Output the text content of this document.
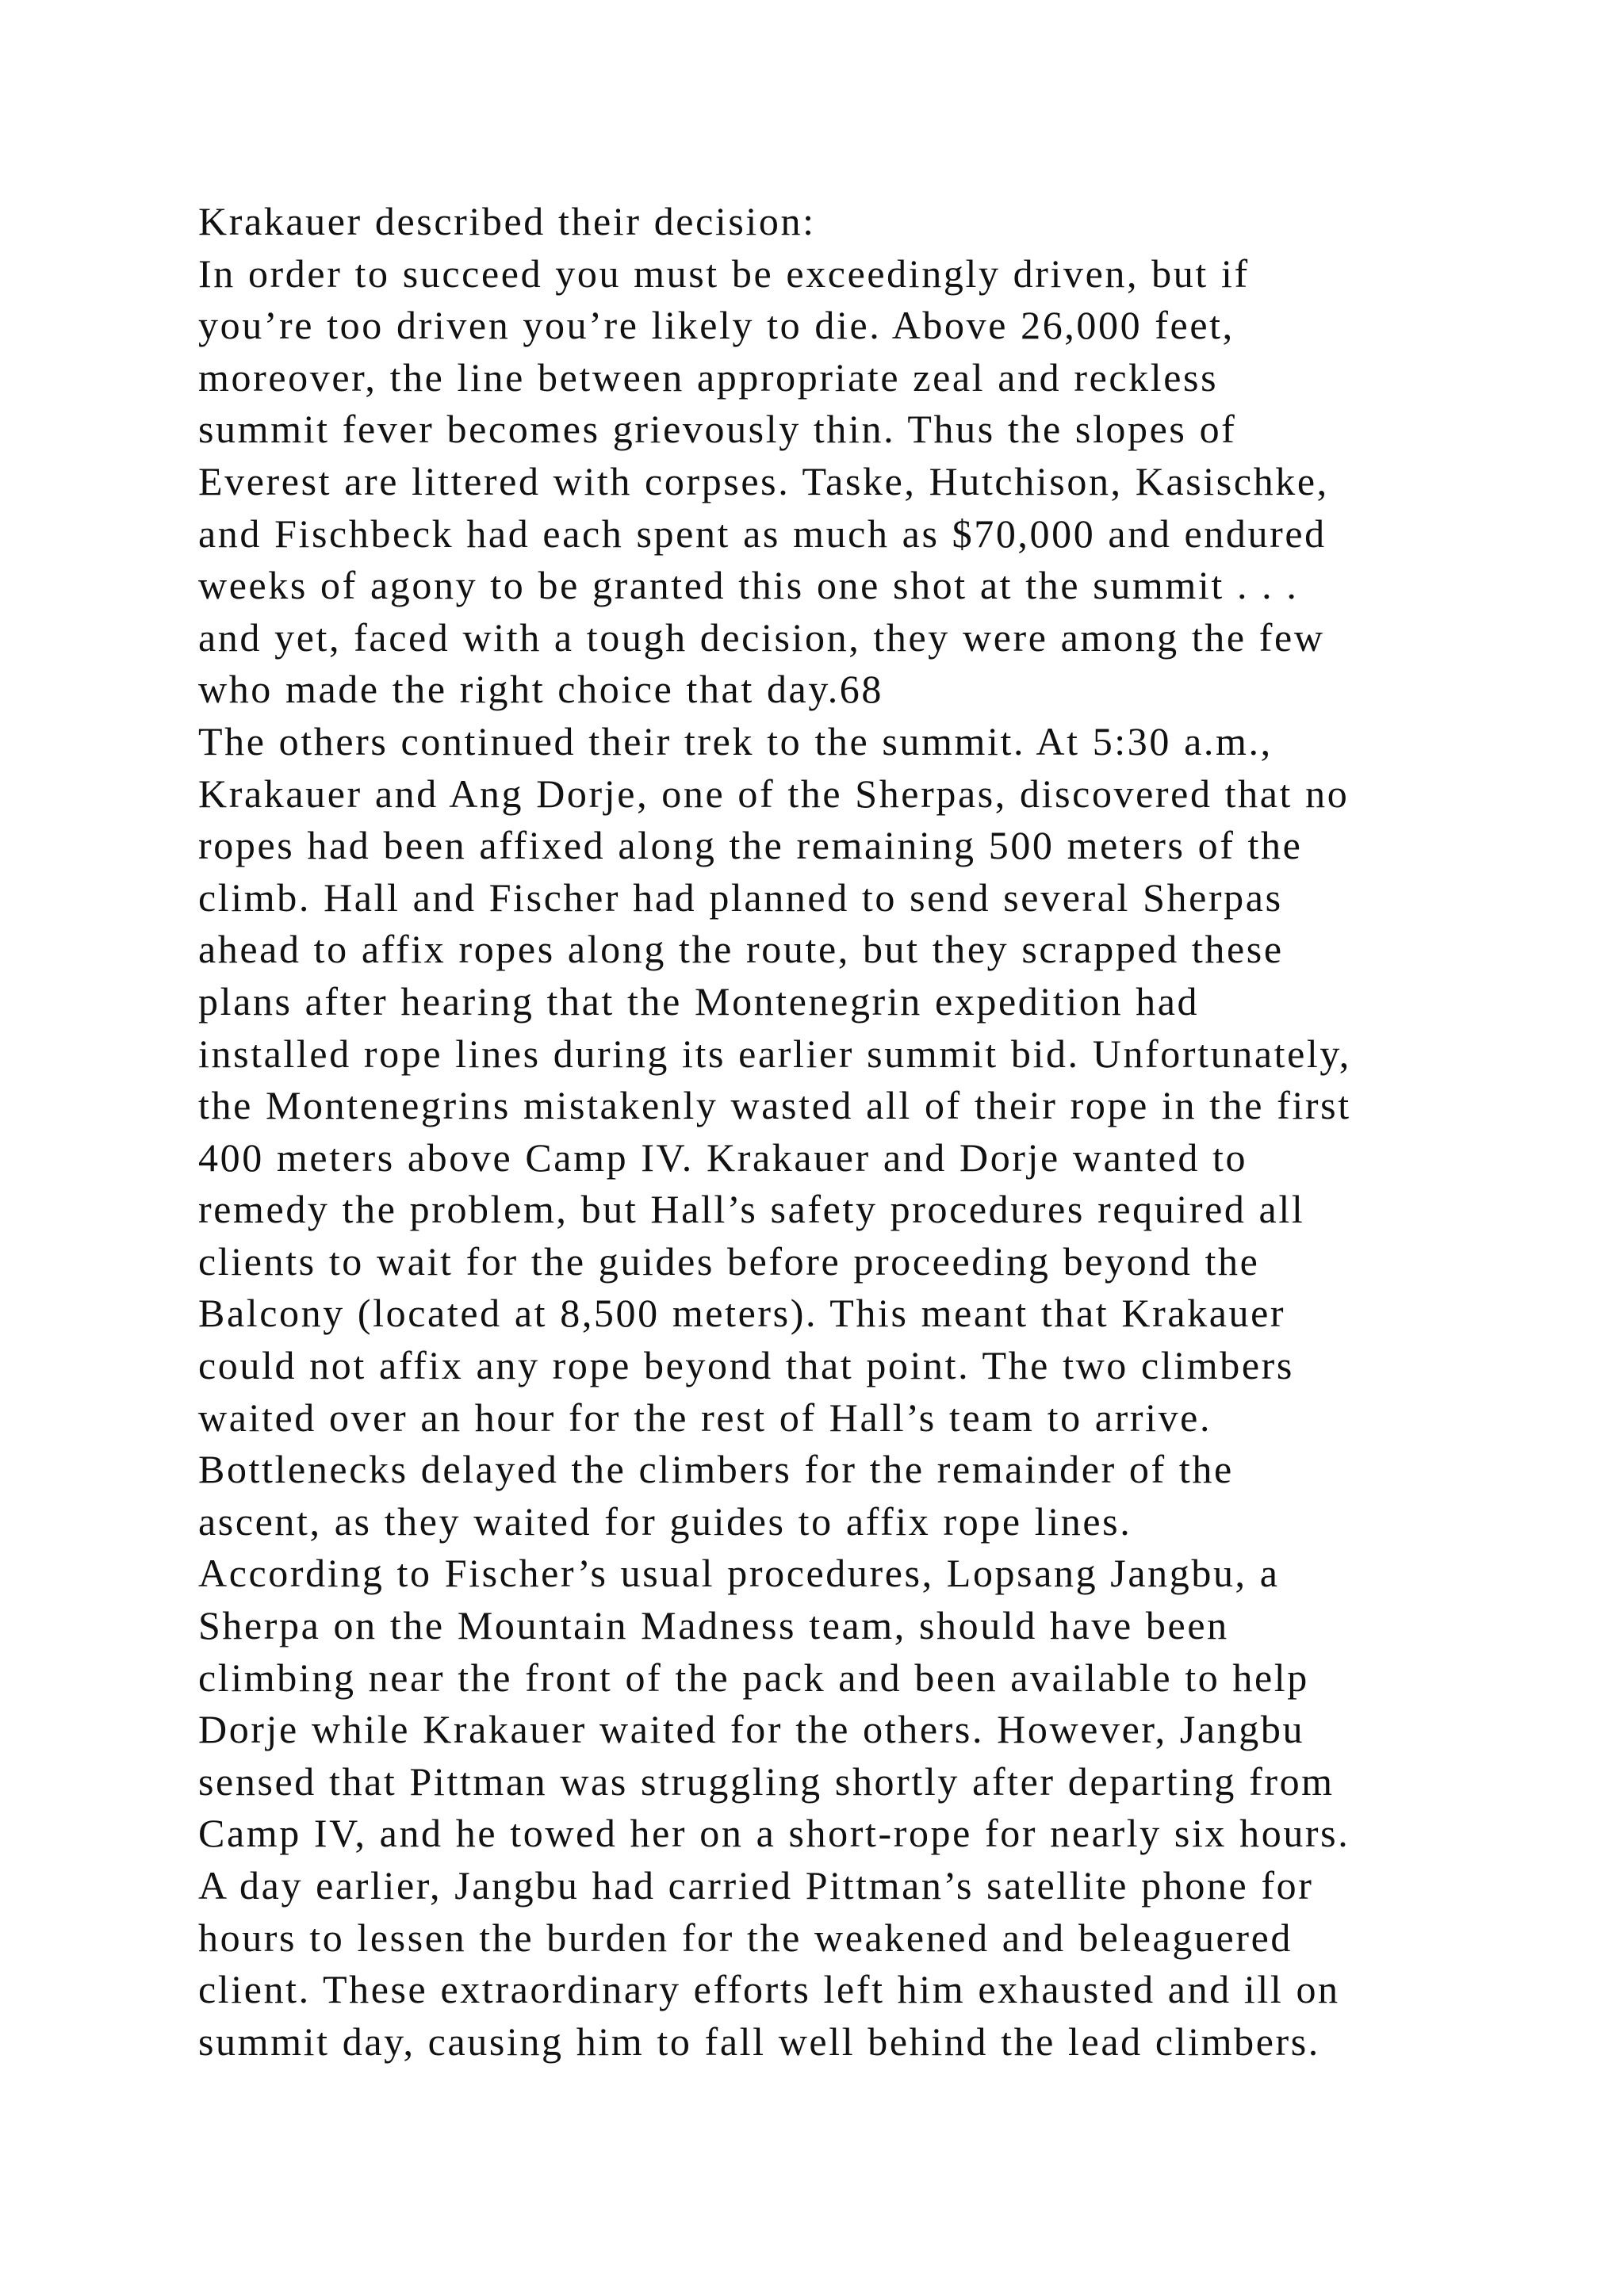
Krakauer described their decision:
In order to succeed you must be exceedingly driven, but if
you’re too driven you’re likely to die. Above 26,000 feet,
moreover, the line between appropriate zeal and reckless
summit fever becomes grievously thin. Thus the slopes of
Everest are littered with corpses. Taske, Hutchison, Kasischke,
and Fischbeck had each spent as much as $70,000 and endured
weeks of agony to be granted this one shot at the summit . . .
and yet, faced with a tough decision, they were among the few
who made the right choice that day.68
The others continued their trek to the summit. At 5:30 a.m.,
Krakauer and Ang Dorje, one of the Sherpas, discovered that no
ropes had been affixed along the remaining 500 meters of the
climb. Hall and Fischer had planned to send several Sherpas
ahead to affix ropes along the route, but they scrapped these
plans after hearing that the Montenegrin expedition had
installed rope lines during its earlier summit bid. Unfortunately,
the Montenegrins mistakenly wasted all of their rope in the first
400 meters above Camp IV. Krakauer and Dorje wanted to
remedy the problem, but Hall’s safety procedures required all
clients to wait for the guides before proceeding beyond the
Balcony (located at 8,500 meters). This meant that Krakauer
could not affix any rope beyond that point. The two climbers
waited over an hour for the rest of Hall’s team to arrive.
Bottlenecks delayed the climbers for the remainder of the
ascent, as they waited for guides to affix rope lines.
According to Fischer’s usual procedures, Lopsang Jangbu, a
Sherpa on the Mountain Madness team, should have been
climbing near the front of the pack and been available to help
Dorje while Krakauer waited for the others. However, Jangbu
sensed that Pittman was struggling shortly after departing from
Camp IV, and he towed her on a short-rope for nearly six hours.
A day earlier, Jangbu had carried Pittman’s satellite phone for
hours to lessen the burden for the weakened and beleaguered
client. These extraordinary efforts left him exhausted and ill on
summit day, causing him to fall well behind the lead climbers.
